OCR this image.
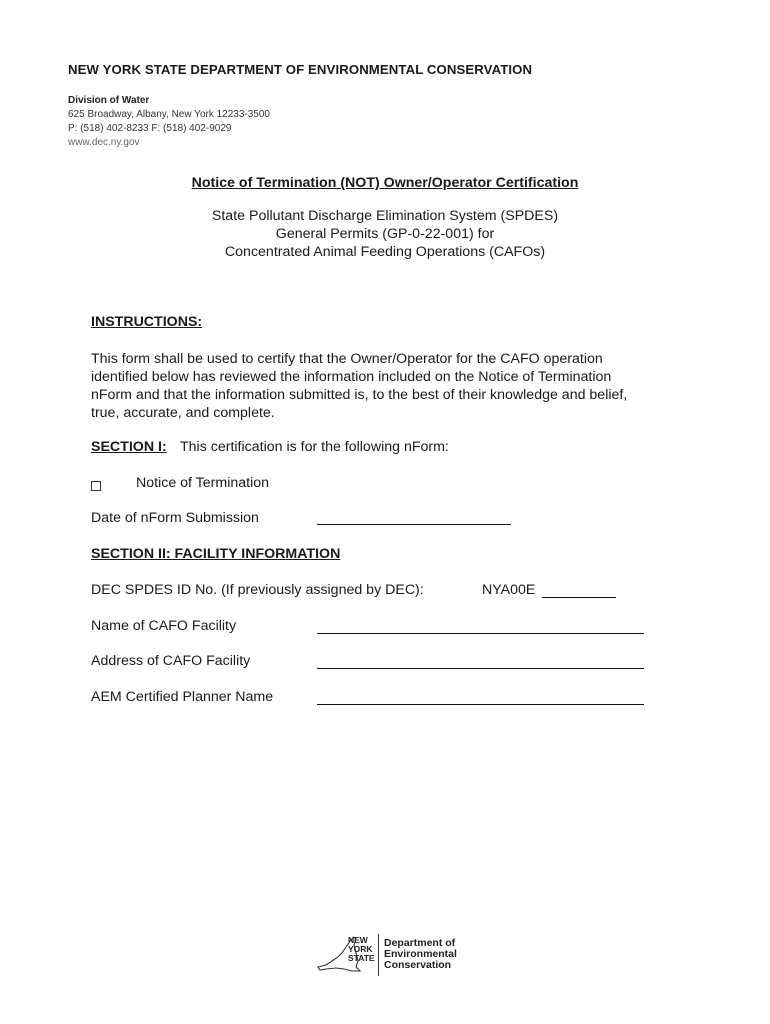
NEW YORK STATE DEPARTMENT OF ENVIRONMENTAL CONSERVATION
Division of Water
625 Broadway, Albany, New York 12233-3500
P: (518) 402-8233 F: (518) 402-9029
www.dec.ny.gov
Notice of Termination (NOT) Owner/Operator Certification
State Pollutant Discharge Elimination System (SPDES)
General Permits (GP-0-22-001) for
Concentrated Animal Feeding Operations (CAFOs)
INSTRUCTIONS:
This form shall be used to certify that the Owner/Operator for the CAFO operation
identified below has reviewed the information included on the Notice of Termination
nForm and that the information submitted is, to the best of their knowledge and belief,
true, accurate, and complete.
SECTION I: This certification is for the following nForm:
Notice of Termination
Date of nForm Submission
SECTION II: FACILITY INFORMATION
DEC SPDES ID No. (If previously assigned by DEC):	NYA00E
Name of CAFO Facility
Address of CAFO Facility
AEM Certified Planner Name
NEW
YORK
STATE
Department of
Environmental
Conservation
